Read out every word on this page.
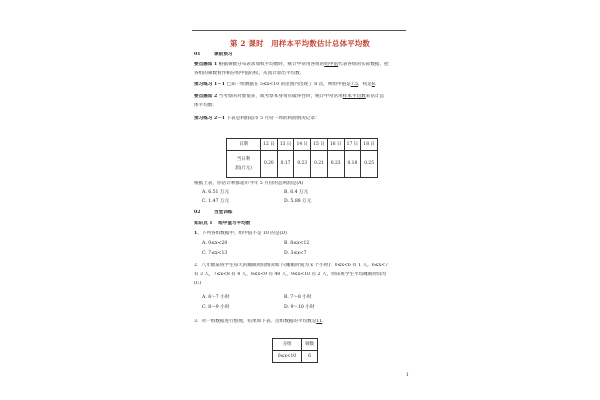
第 2 课时　用样本平均数估计总体平均数
01	课前预习
要点感知 1 根据频数分布表求加权平均数时，统计中常用各组的组中值代表各组的实际数据，把
各组的频数看作相应组中值的权，从而计算出平均数.
预习练习 1－1 已知一组数据在 5≤x<10 的范围内出现了 8 次，则组中值是7.5，权是8.
要点感知 2 当考察的对象很多，或考察本身带有破坏性时，统计中常常用样本平均数来估计总
体平均数.
预习练习 2－1 下表是利群超市 5 月份一周的利润情况记录：
日期	12 日	13 日	14 日	15 日	16 日	17 日	18 日

当日利
润(万元)	0.20	0.17	0.23	0.21	0.23	0.18	0.25
根据上表，你估计利群超市今年 5 月份的总利润是(A)
A. 6.51 万元	B. 6.4 万元
C. 1.47 万元	D. 5.88 万元
02	当堂训练
知识点 1 组中值与平均数
1．下列各组数据中，组中值不是 10 的是(D)
A. 0≤x<20	B. 8≤x<12
C. 7≤x<13	D. 3≤x<7
2．八年级某班学生每天的睡眠时间情况如下(睡眠时间为 x 个小时)：0≤x<6 有 1 人，6≤x<7
有 3 人，7≤x<8 有 4 人，8≤x<9 有 40 人，9≤x<10 有 2 人，则该班学生平均睡眠时间为
(C)
A. 6～7 小时	B. 7～8 小时
C. 8～9 小时	D. 9～10 小时
3．对一组数据进行整理，结果如下表，这组数据的平均数是11.
分组	频数
0≤x<10	6
1
